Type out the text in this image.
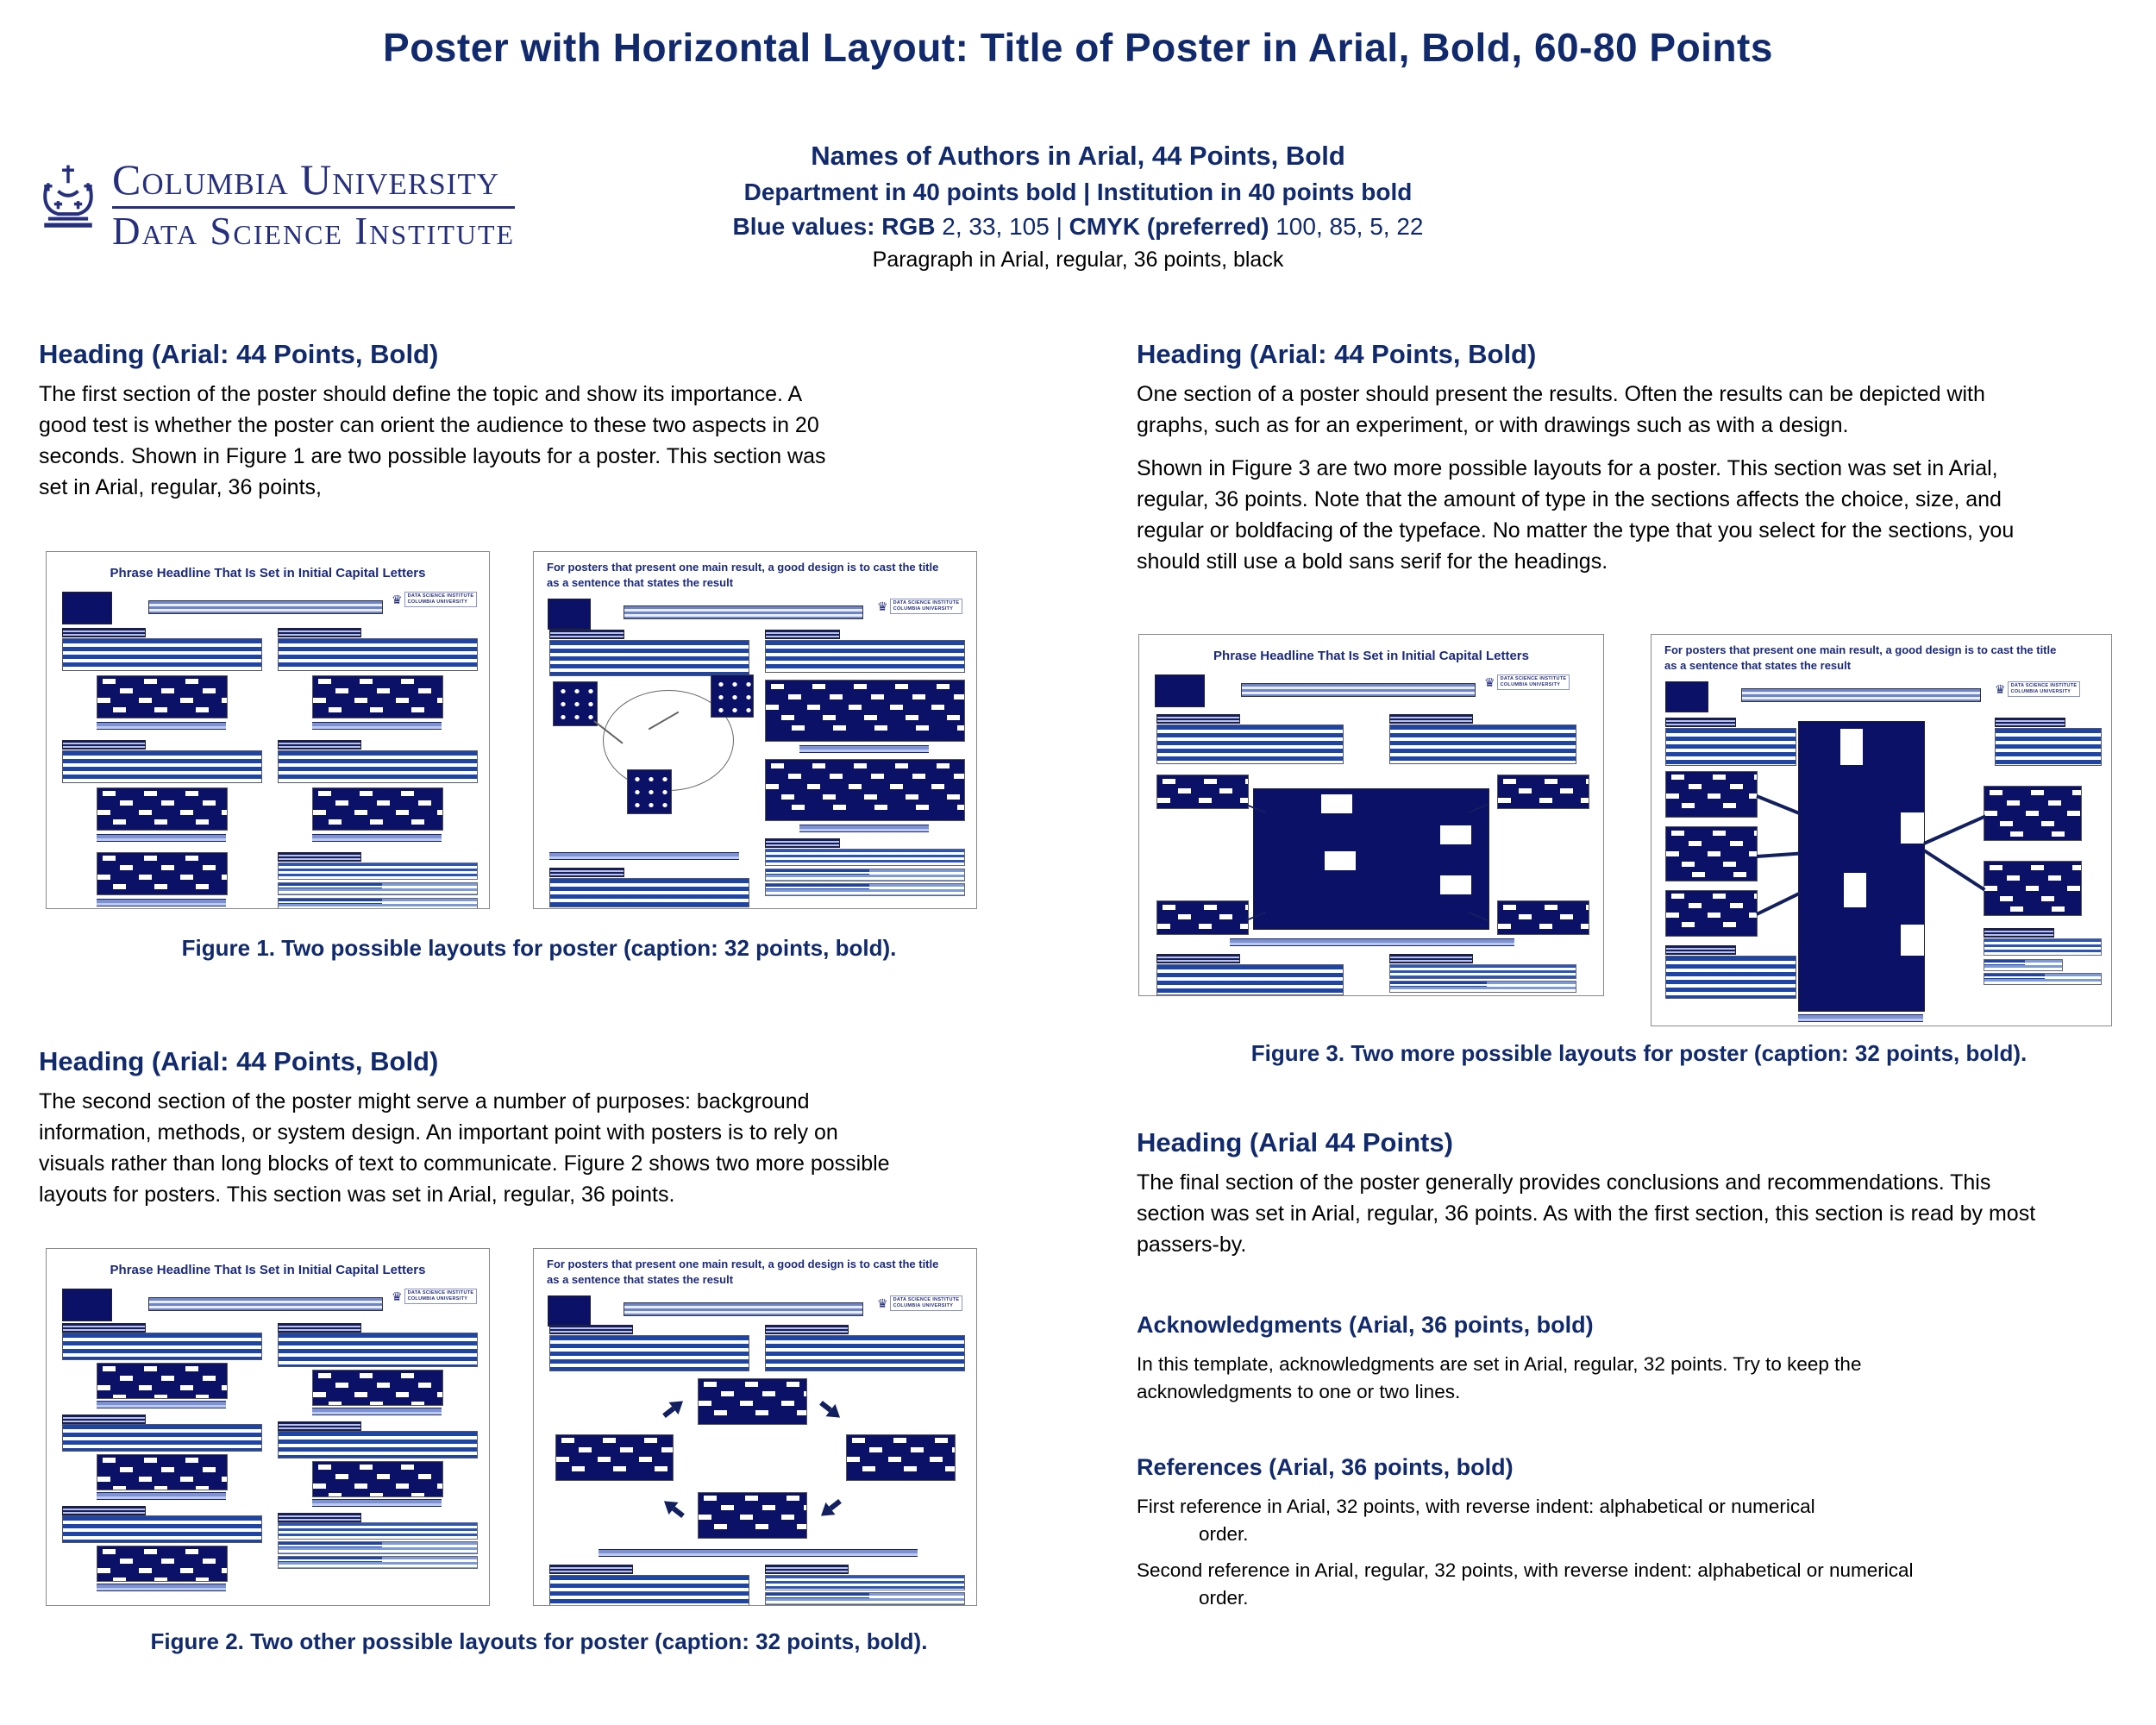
Poster with Horizontal Layout: Title of Poster in Arial, Bold, 60-80 Points
Columbia University
Data Science Institute
Names of Authors in Arial, 44 Points, Bold
Department in 40 points bold | Institution in 40 points bold
Blue values: RGB 2, 33, 105 | CMYK (preferred) 100, 85, 5, 22
Paragraph in Arial, regular, 36 points, black
Heading (Arial: 44 Points, Bold)

The first section of the poster should define the topic and show its importance. A good test is whether the poster can orient the audience to these two aspects in 20 seconds. Shown in Figure 1 are two possible layouts for a poster. This section was set in Arial, regular, 36 points,

Phrase Headline That Is Set in Initial Capital Letters
♛ DATA SCIENCE INSTITUTE
COLUMBIA UNIVERSITY
For posters that present one main result, a good design is to cast the title as a sentence that states the result
♛ DATA SCIENCE INSTITUTE
COLUMBIA UNIVERSITY
Figure 1. Two possible layouts for poster (caption: 32 points, bold).
Heading (Arial: 44 Points, Bold)

The second section of the poster might serve a number of purposes: background information, methods, or system design. An important point with posters is to rely on visuals rather than long blocks of text to communicate. Figure 2 shows two more possible layouts for posters. This section was set in Arial, regular, 36 points.

Phrase Headline That Is Set in Initial Capital Letters
♛ DATA SCIENCE INSTITUTE
COLUMBIA UNIVERSITY
For posters that present one main result, a good design is to cast the title as a sentence that states the result
♛ DATA SCIENCE INSTITUTE
COLUMBIA UNIVERSITY
Figure 2. Two other possible layouts for poster (caption: 32 points, bold).
Heading (Arial: 44 Points, Bold)

One section of a poster should present the results. Often the results can be depicted with graphs, such as for an experiment, or with drawings such as with a design.

Shown in Figure 3 are two more possible layouts for a poster. This section was set in Arial, regular, 36 points. Note that the amount of type in the sections affects the choice, size, and regular or boldfacing of the typeface. No matter the type that you select for the sections, you should still use a bold sans serif for the headings.

Phrase Headline That Is Set in Initial Capital Letters
♛ DATA SCIENCE INSTITUTE
COLUMBIA UNIVERSITY
For posters that present one main result, a good design is to cast the title as a sentence that states the result
♛ DATA SCIENCE INSTITUTE
COLUMBIA UNIVERSITY
Figure 3. Two more possible layouts for poster (caption: 32 points, bold).
Heading (Arial 44 Points)

The final section of the poster generally provides conclusions and recommendations. This section was set in Arial, regular, 36 points. As with the first section, this section is read by most passers-by.

Acknowledgments (Arial, 36 points, bold)

In this template, acknowledgments are set in Arial, regular, 32 points. Try to keep the acknowledgments to one or two lines.

References (Arial, 36 points, bold)

First reference in Arial, 32 points, with reverse indent: alphabetical or numerical
order.

Second reference in Arial, regular, 32 points, with reverse indent: alphabetical or numerical
order.
